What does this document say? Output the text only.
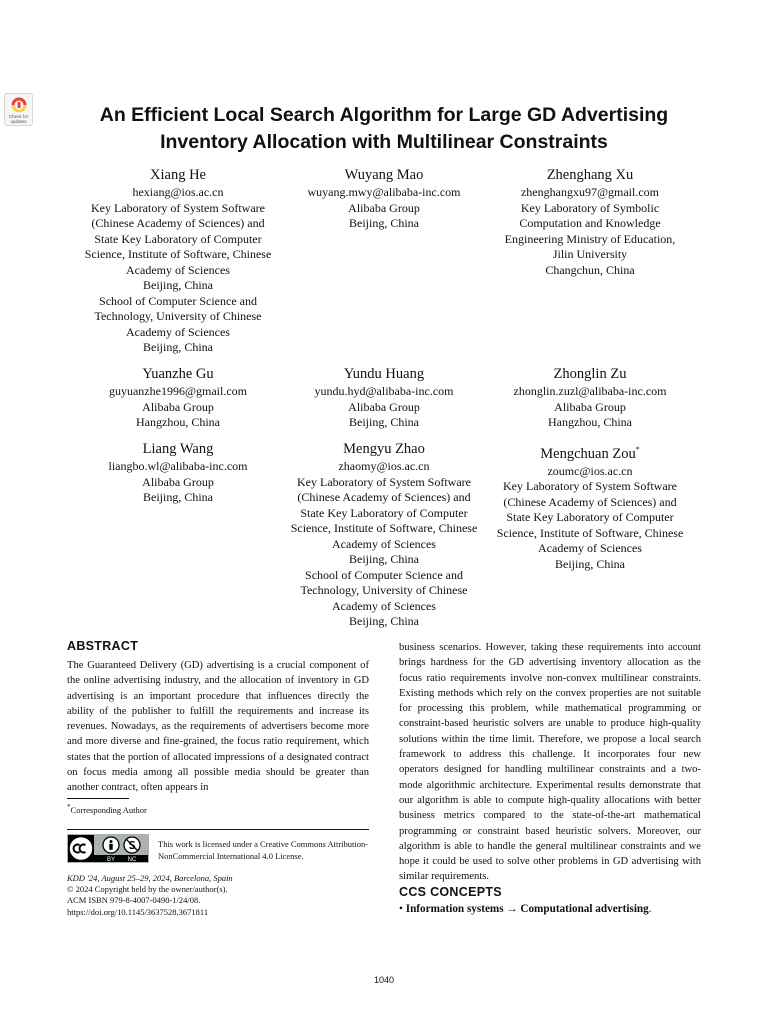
Check for updates	An Efficient Local Search Algorithm for Large GD Advertising
Inventory Allocation with Multilinear Constraints
Xiang He
hexiang@ios.ac.cn
Key Laboratory of System Software
(Chinese Academy of Sciences) and
State Key Laboratory of Computer
Science, Institute of Software, Chinese
Academy of Sciences
Beijing, China
School of Computer Science and
Technology, University of Chinese
Academy of Sciences
Beijing, China
Wuyang Mao
wuyang.mwy@alibaba-inc.com
Alibaba Group
Beijing, China
Zhenghang Xu
zhenghangxu97@gmail.com
Key Laboratory of Symbolic
Computation and Knowledge
Engineering Ministry of Education,
Jilin University
Changchun, China
Yuanzhe Gu
guyuanzhe1996@gmail.com
Alibaba Group
Hangzhou, China
Yundu Huang
yundu.hyd@alibaba-inc.com
Alibaba Group
Beijing, China
Zhonglin Zu
zhonglin.zuzl@alibaba-inc.com
Alibaba Group
Hangzhou, China
Liang Wang
liangbo.wl@alibaba-inc.com
Alibaba Group
Beijing, China
Mengyu Zhao
zhaomy@ios.ac.cn
Key Laboratory of System Software
(Chinese Academy of Sciences) and
State Key Laboratory of Computer
Science, Institute of Software, Chinese
Academy of Sciences
Beijing, China
School of Computer Science and
Technology, University of Chinese
Academy of Sciences
Beijing, China
Mengchuan Zou*
zoumc@ios.ac.cn
Key Laboratory of System Software
(Chinese Academy of Sciences) and
State Key Laboratory of Computer
Science, Institute of Software, Chinese
Academy of Sciences
Beijing, China
ABSTRACT

The Guaranteed Delivery (GD) advertising is a crucial component of the online advertising industry, and the allocation of inventory in GD advertising is an important procedure that influences directly the ability of the publisher to fulfill the requirements and increase its revenues. Nowadays, as the requirements of advertisers become more and more diverse and fine-grained, the focus ratio requirement, which states that the portion of allocated impressions of a designated contract on focus media among all possible media should be greater than another contract, often appears in

business scenarios. However, taking these requirements into account brings hardness for the GD advertising inventory allocation as the focus ratio requirements involve non-convex multilinear constraints. Existing methods which rely on the convex properties are not suitable for processing this problem, while mathematical programming or constraint-based heuristic solvers are unable to produce high-quality solutions within the time limit. Therefore, we propose a local search framework to address this challenge. It incorporates four new operators designed for handling multilinear constraints and a two-mode algorithmic architecture. Experimental results demonstrate that our algorithm is able to compute high-quality allocations with better business metrics compared to the state-of-the-art mathematical programming or constraint based heuristic solvers. Moreover, our algorithm is able to handle the general multilinear constraints and we hope it could be used to solve other problems in GD advertising with similar requirements.

*Corresponding Author
BY NC
This work is licensed under a Creative Commons Attribution-NonCommercial International 4.0 License.
KDD '24, August 25–29, 2024, Barcelona, Spain
© 2024 Copyright held by the owner/author(s).
ACM ISBN 979-8-4007-0490-1/24/08.
https://doi.org/10.1145/3637528.3671811
CCS CONCEPTS
• Information systems → Computational advertising.
1040
